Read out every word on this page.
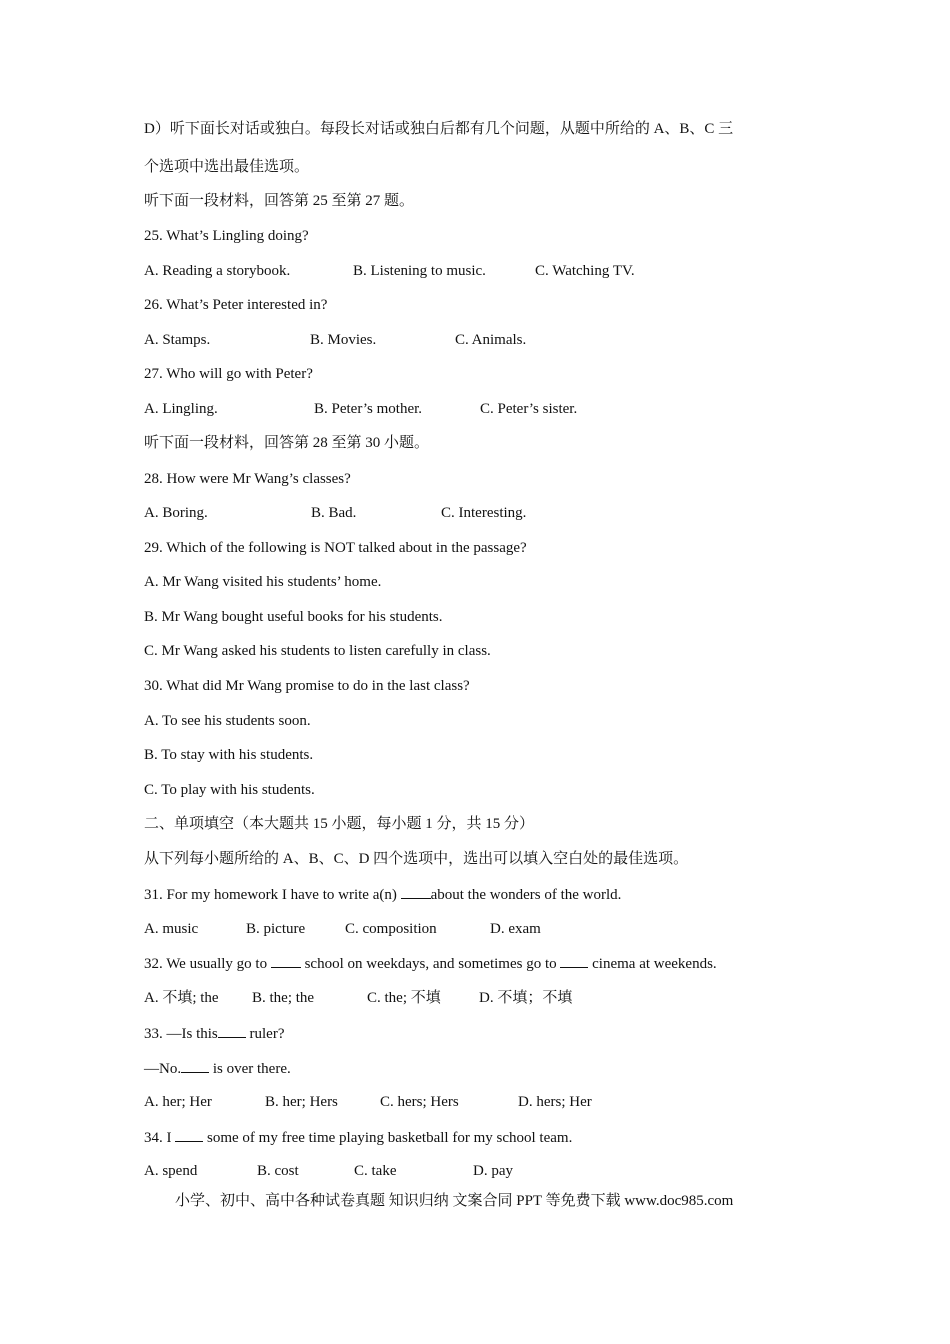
D）听下面长对话或独白。每段长对话或独白后都有几个问题，从题中所给的 A、B、C 三
个选项中选出最佳选项。
听下面一段材料，回答第 25 至第 27 题。
25. What’s Lingling doing?
A. Reading a storybook.	B. Listening to music.	C. Watching TV.
26. What’s Peter interested in?
A. Stamps.	B. Movies.	C. Animals.
27. Who will go with Peter?
A. Lingling.	B. Peter’s mother.	C. Peter’s sister.
听下面一段材料，回答第 28 至第 30 小题。
28. How were Mr Wang’s classes?
A. Boring.	B. Bad.	C. Interesting.
29. Which of the following is NOT talked about in the passage?
A. Mr Wang visited his students’ home.
B. Mr Wang bought useful books for his students.
C. Mr Wang asked his students to listen carefully in class.
30. What did Mr Wang promise to do in the last class?
A. To see his students soon.
B. To stay with his students.
C. To play with his students.
二、单项填空（本大题共 15 小题，每小题 1 分，共 15 分）
从下列每小题所给的 A、B、C、D 四个选项中，选出可以填入空白处的最佳选项。
31. For my homework I have to write a(n) about the wonders of the world.
A. music	B. picture	C. composition	D. exam
32. We usually go to  school on weekdays, and sometimes go to  cinema at weekends.
A. 不填; the B. the; the	C. the; 不填	D. 不填；不填
33. —Is this ruler?
—No. is over there.
A. her; Her	B. her; Hers	C. hers; Hers	D. hers; Her
34. I  some of my free time playing basketball for my school team.
A. spend	B. cost	C. take	D. pay
小学、初中、高中各种试卷真题 知识归纳 文案合同 PPT 等免费下载 www.doc985.com
